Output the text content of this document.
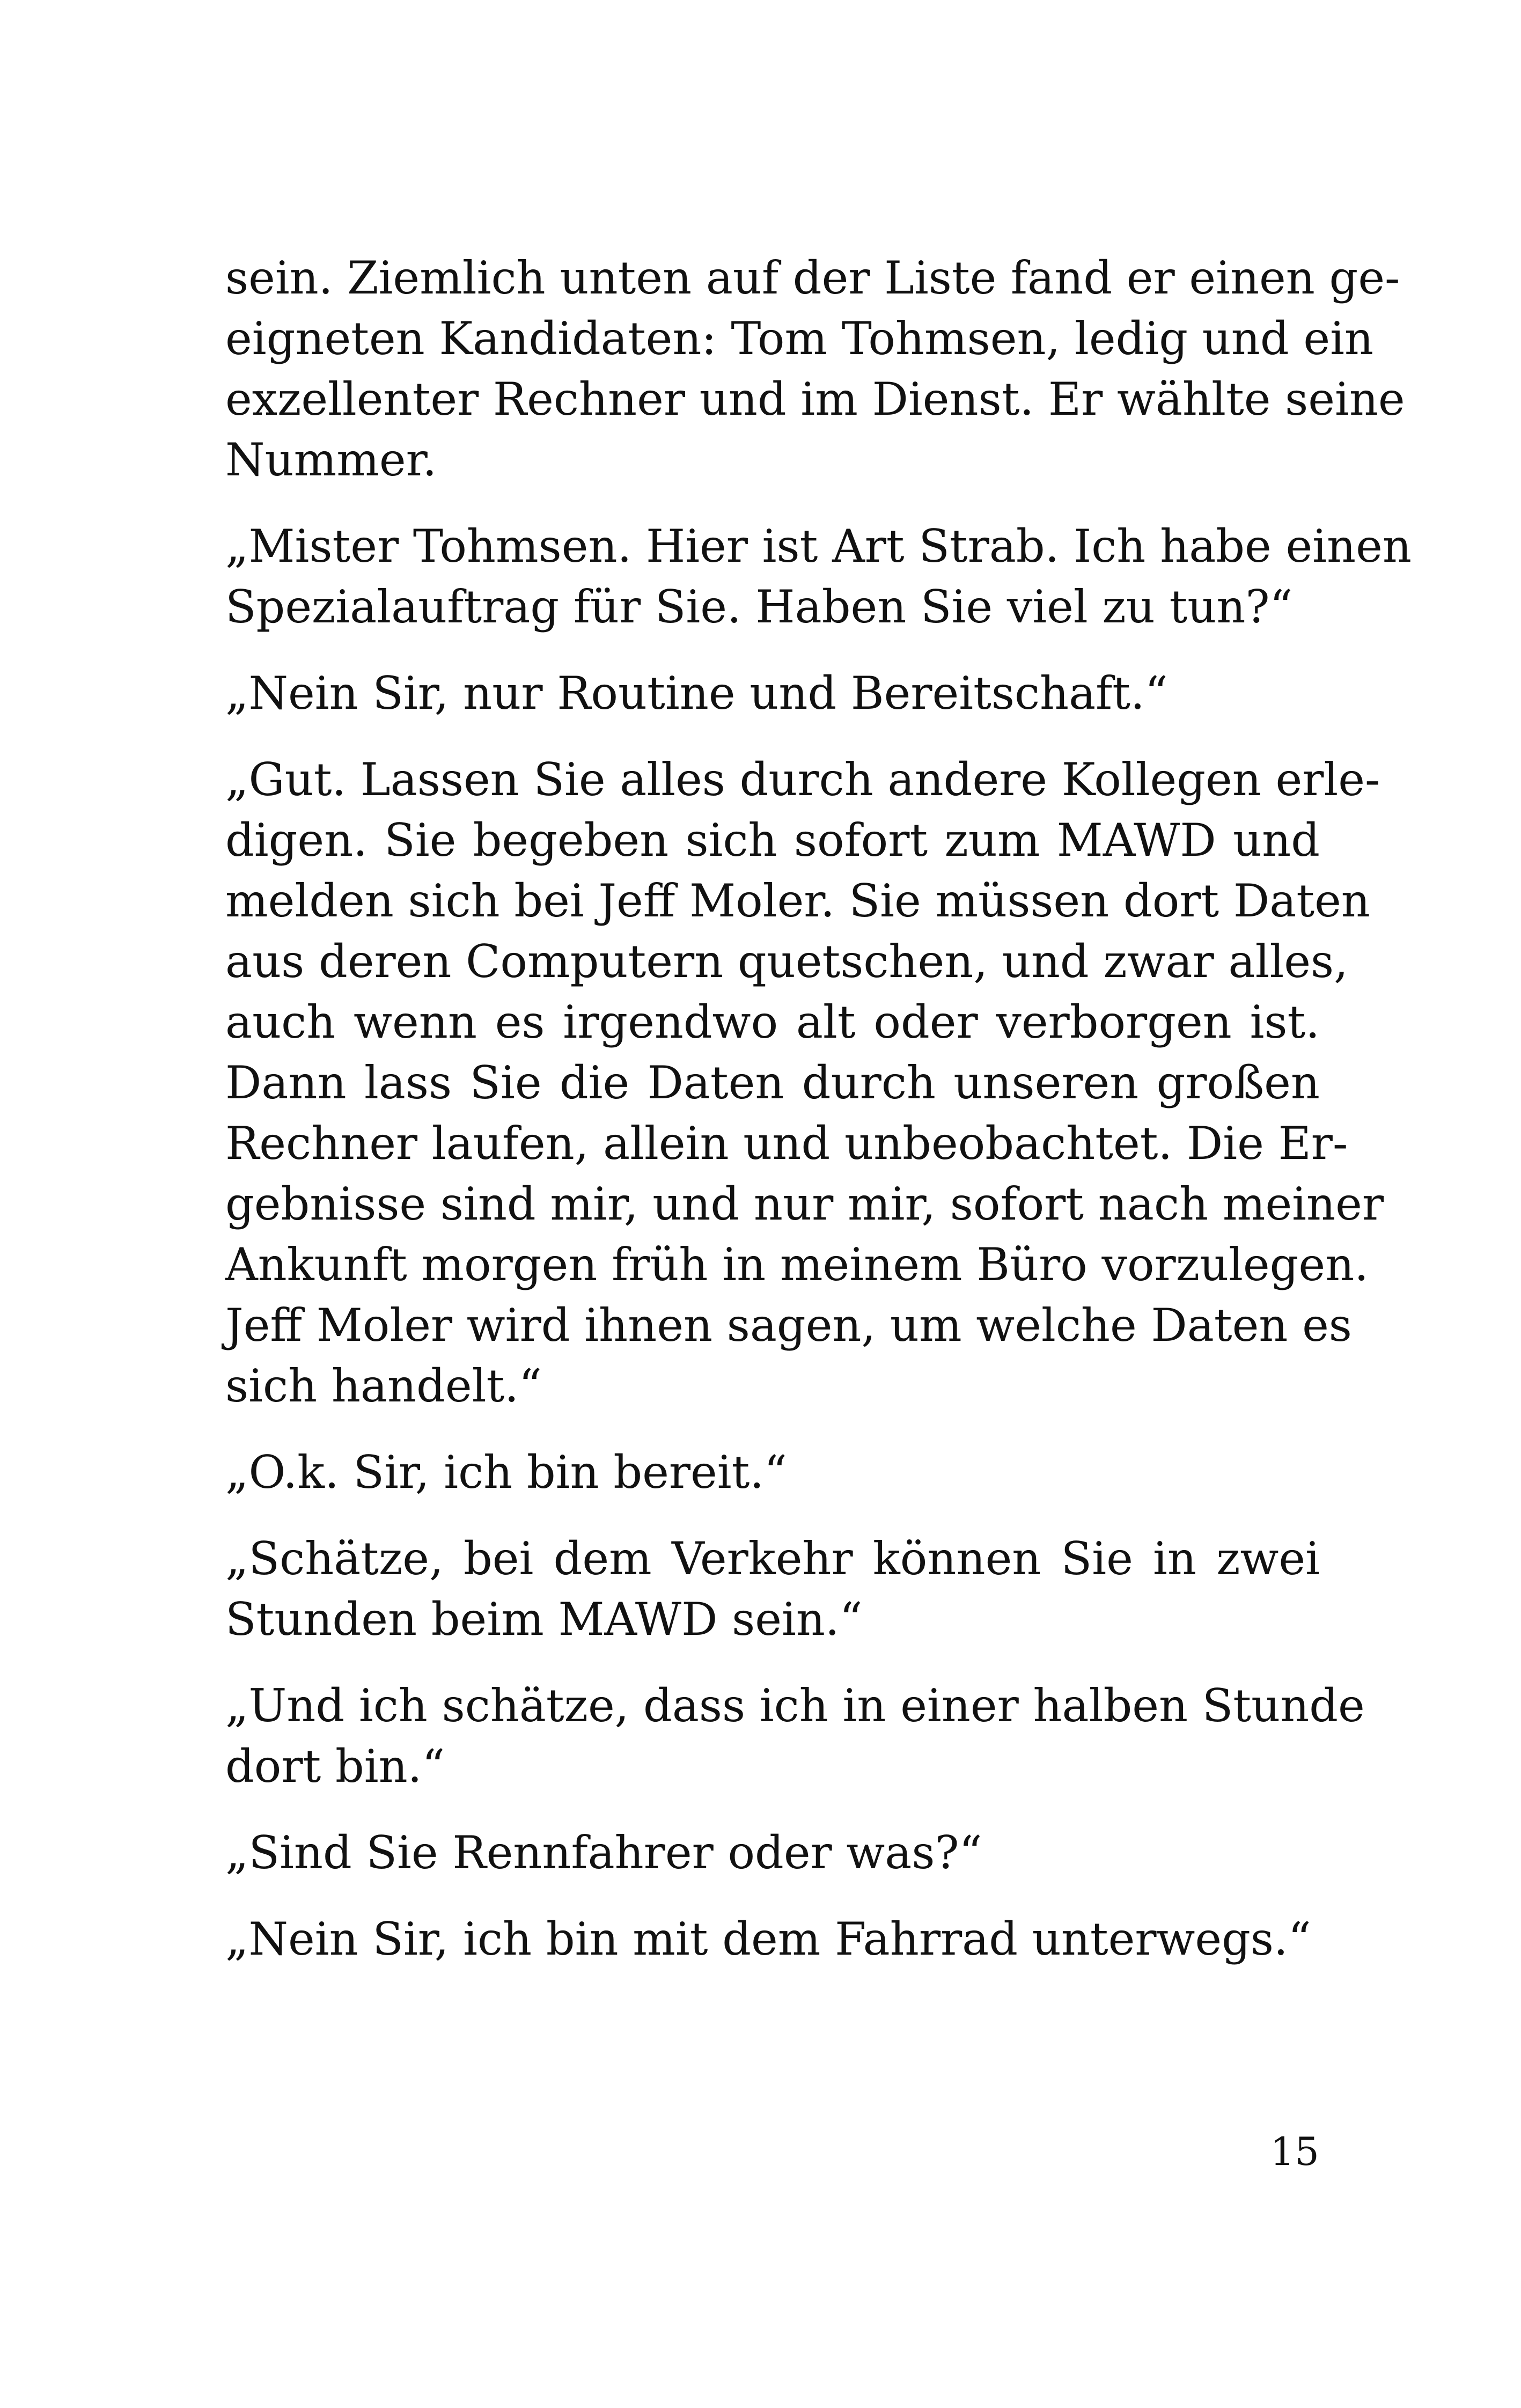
sein. Ziemlich unten auf der Liste fand er einen ge-
eigneten Kandidaten: Tom Tohmsen, ledig und ein
exzellenter Rechner und im Dienst. Er wählte seine
Nummer.

„Mister Tohmsen. Hier ist Art Strab. Ich habe einen
Spezialauftrag für Sie. Haben Sie viel zu tun?“

„Nein Sir, nur Routine und Bereitschaft.“

„Gut. Lassen Sie alles durch andere Kollegen erle-
digen. Sie begeben sich sofort zum MAWD und
melden sich bei Jeff Moler. Sie müssen dort Daten
aus deren Computern quetschen, und zwar alles,
auch wenn es irgendwo alt oder verborgen ist.
Dann lass Sie die Daten durch unseren großen
Rechner laufen, allein und unbeobachtet. Die Er-
gebnisse sind mir, und nur mir, sofort nach meiner
Ankunft morgen früh in meinem Büro vorzulegen.
Jeff Moler wird ihnen sagen, um welche Daten es
sich handelt.“

„O.k. Sir, ich bin bereit.“

„Schätze, bei dem Verkehr können Sie in zwei
Stunden beim MAWD sein.“

„Und ich schätze, dass ich in einer halben Stunde
dort bin.“

„Sind Sie Rennfahrer oder was?“

„Nein Sir, ich bin mit dem Fahrrad unterwegs.“

15
